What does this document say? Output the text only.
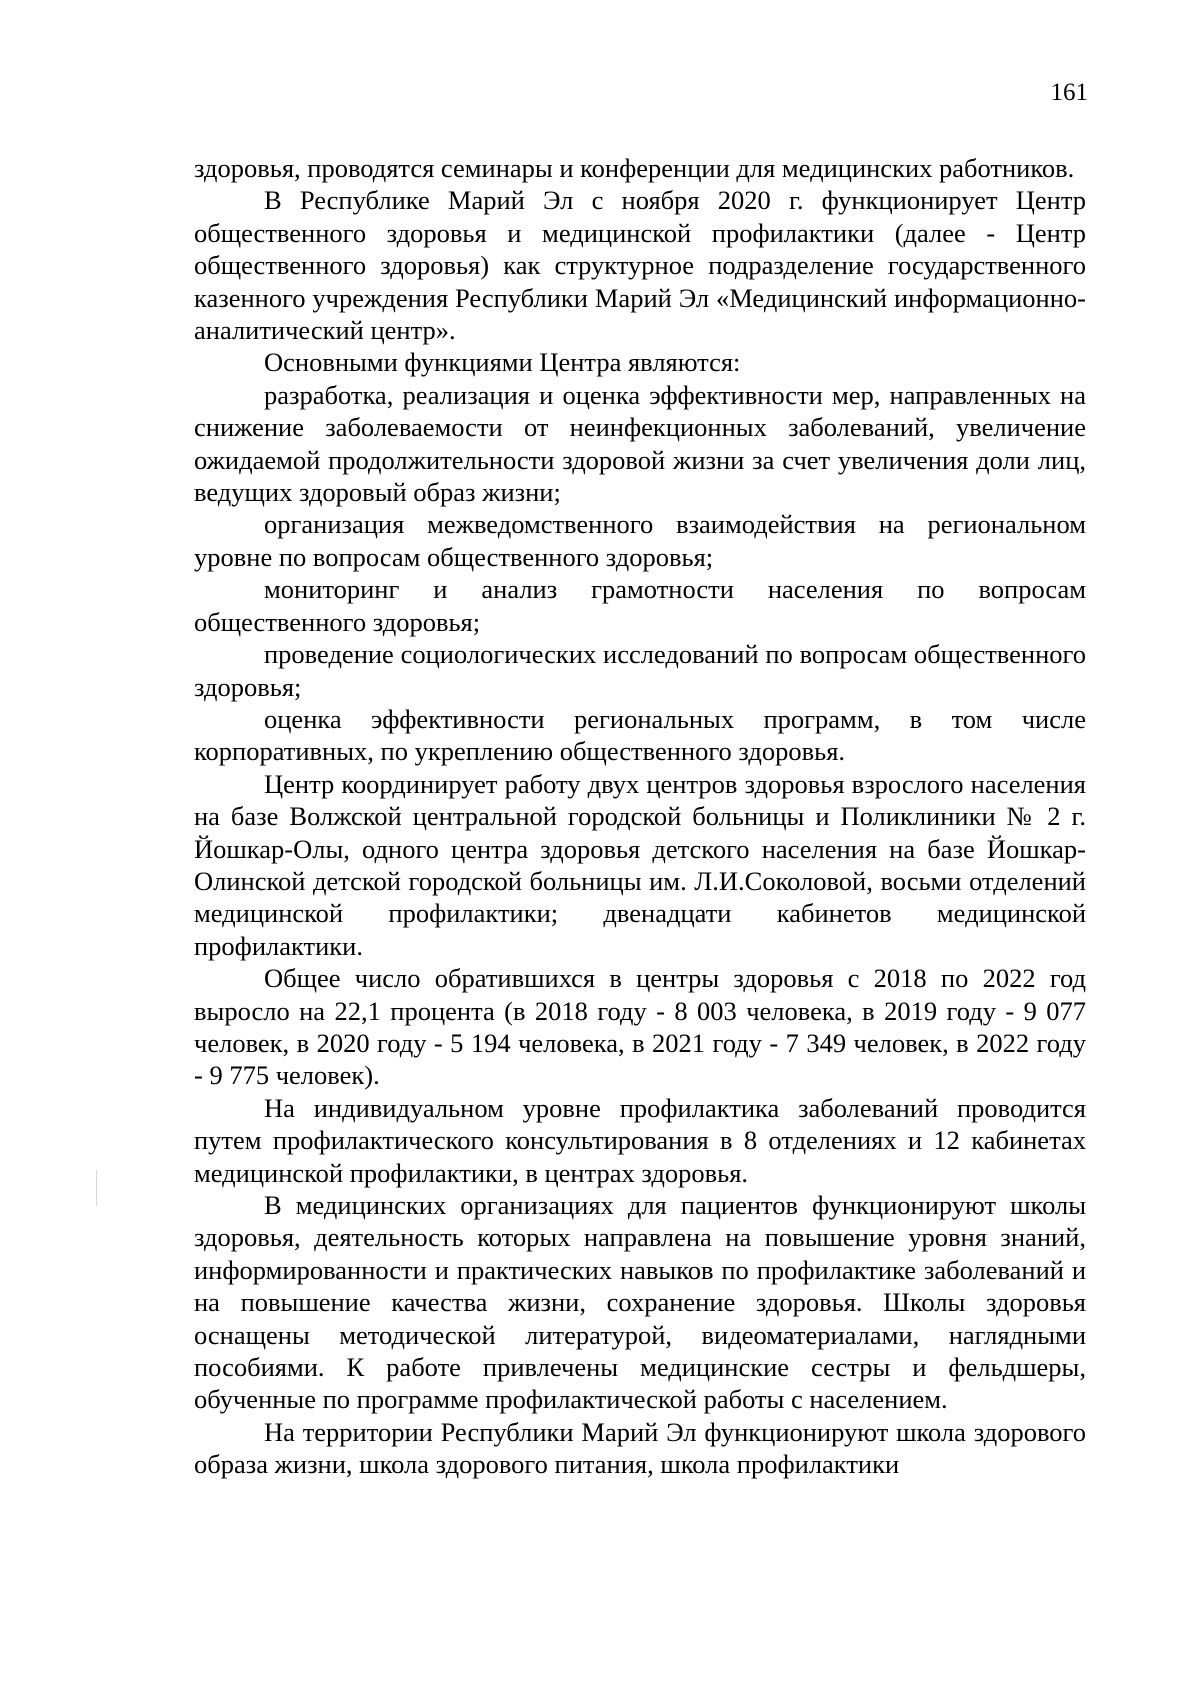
161

здоровья, проводятся семинары и конференции для медицинских работников.

В Республике Марий Эл с ноября 2020 г. функционирует Центр общественного здоровья и медицинской профилактики (далее - Центр общественного здоровья) как структурное подразделение государственного казенного учреждения Республики Марий Эл «Медицинский информационно-аналитический центр».

Основными функциями Центра являются:

разработка, реализация и оценка эффективности мер, направленных на снижение заболеваемости от неинфекционных заболеваний, увеличение ожидаемой продолжительности здоровой жизни за счет увеличения доли лиц, ведущих здоровый образ жизни;

организация межведомственного взаимодействия на региональном уровне по вопросам общественного здоровья;

мониторинг и анализ грамотности населения по вопросам общественного здоровья;

проведение социологических исследований по вопросам общественного здоровья;

оценка эффективности региональных программ, в том числе корпоративных, по укреплению общественного здоровья.

Центр координирует работу двух центров здоровья взрослого населения на базе Волжской центральной городской больницы и Поликлиники № 2 г. Йошкар-Олы, одного центра здоровья детского населения на базе Йошкар-Олинской детской городской больницы им. Л.И.Соколовой, восьми отделений медицинской профилактики; двенадцати кабинетов медицинской профилактики.

Общее число обратившихся в центры здоровья с 2018 по 2022 год выросло на 22,1 процента (в 2018 году - 8 003 человека, в 2019 году - 9 077 человек, в 2020 году - 5 194 человека, в 2021 году - 7 349 человек, в 2022 году - 9 775 человек).

На индивидуальном уровне профилактика заболеваний проводится путем профилактического консультирования в 8 отделениях и 12 кабинетах медицинской профилактики, в центрах здоровья.

В медицинских организациях для пациентов функционируют школы здоровья, деятельность которых направлена на повышение уровня знаний, информированности и практических навыков по профилактике заболеваний и на повышение качества жизни, сохранение здоровья. Школы здоровья оснащены методической литературой, видеоматериалами, наглядными пособиями. К работе привлечены медицинские сестры и фельдшеры, обученные по программе профилактической работы с населением.

На территории Республики Марий Эл функционируют школа здорового образа жизни, школа здорового питания, школа профилактики
